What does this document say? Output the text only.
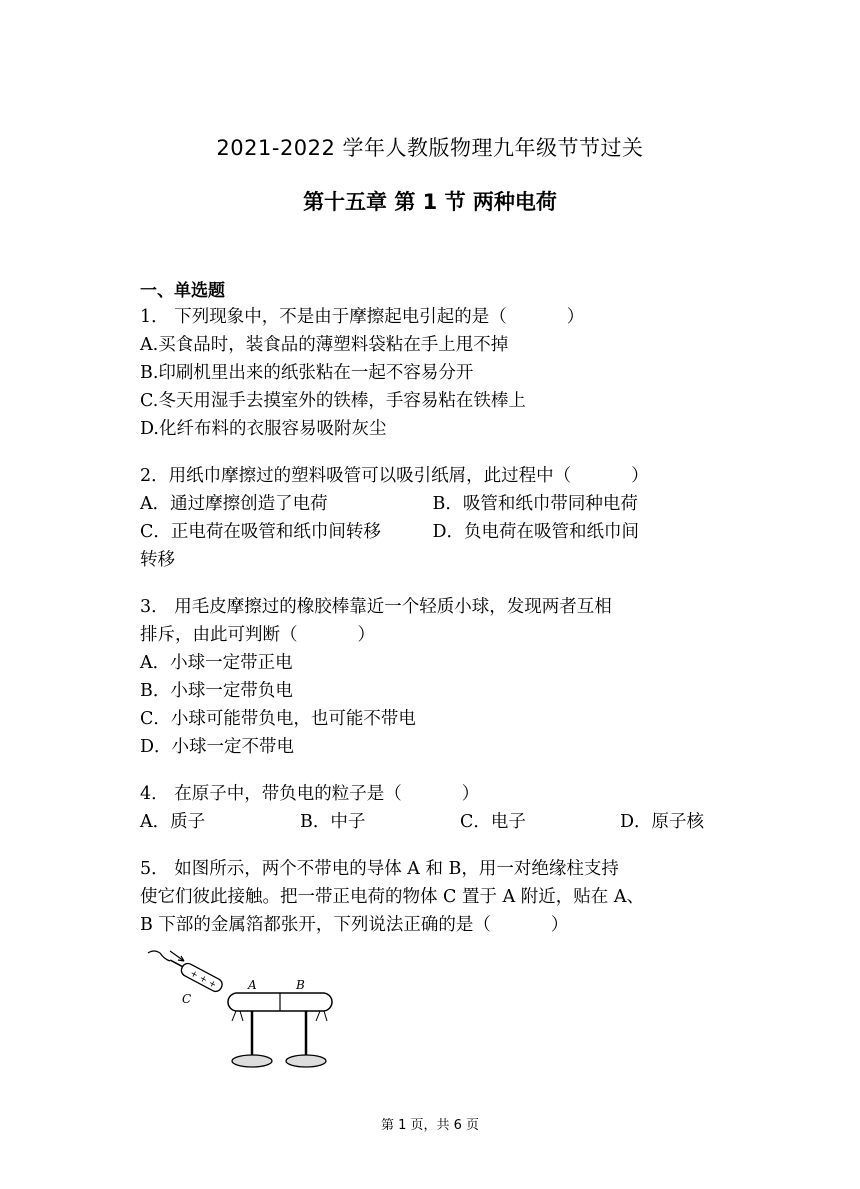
2021-2022 学年人教版物理九年级节节过关
第十五章 第 1 节 两种电荷
一、单选题
1． 下列现象中，不是由于摩擦起电引起的是（	）
A.买食品时，装食品的薄塑料袋粘在手上甩不掉
B.印刷机里出来的纸张粘在一起不容易分开
C.冬天用湿手去摸室外的铁棒，手容易粘在铁棒上
D.化纤布料的衣服容易吸附灰尘
2．用纸巾摩擦过的塑料吸管可以吸引纸屑，此过程中（	）
A．通过摩擦创造了电荷	B．吸管和纸巾带同种电荷
C．正电荷在吸管和纸巾间转移	D．负电荷在吸管和纸巾间
转移
3． 用毛皮摩擦过的橡胶棒靠近一个轻质小球，发现两者互相
排斥，由此可判断（	）
A．小球一定带正电
B．小球一定带负电
C．小球可能带负电，也可能不带电
D．小球一定不带电
4． 在原子中，带负电的粒子是（	）
A．质子	B．中子	C．电子	D．原子核
5． 如图所示，两个不带电的导体 A 和 B，用一对绝缘柱支持
使它们彼此接触。把一带正电荷的物体 C 置于 A 附近，贴在 A、
B 下部的金属箔都张开，下列说法正确的是（	）
+ + +
C
A	B
第 1 页，共 6 页
